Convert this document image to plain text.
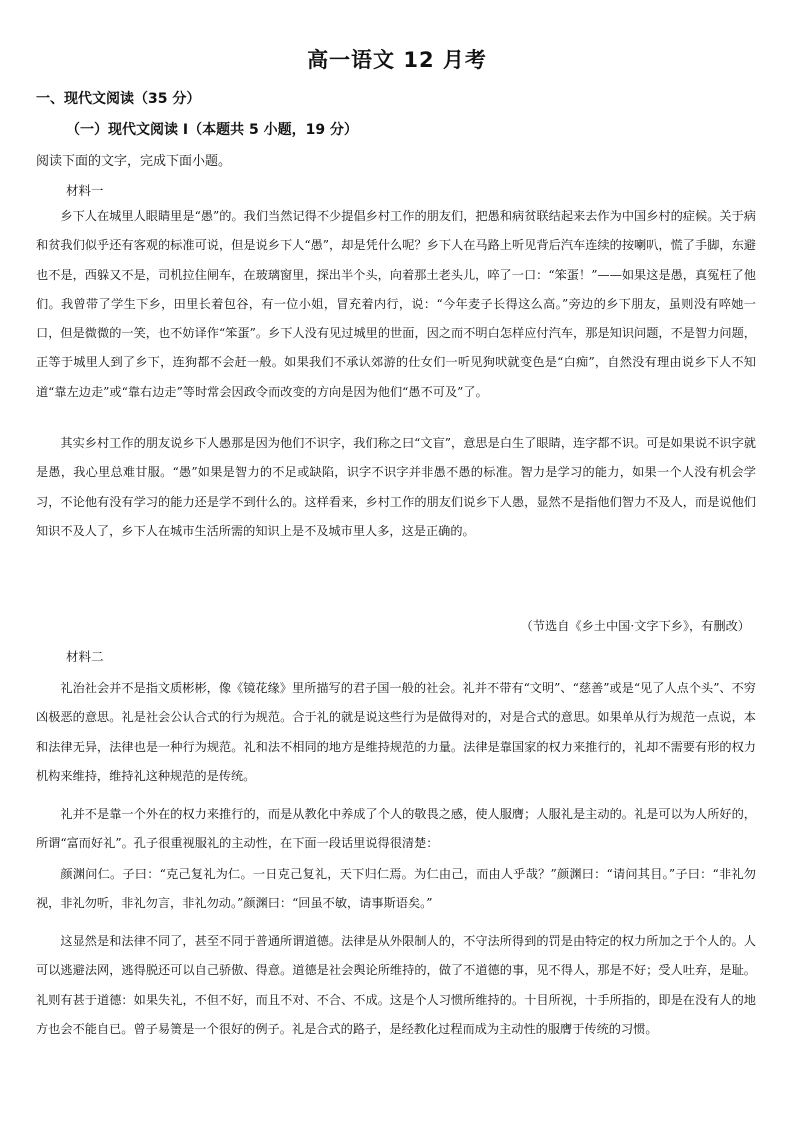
高一语文 12 月考
一、现代文阅读（35 分）
（一）现代文阅读 I（本题共 5 小题，19 分）
阅读下面的文字，完成下面小题。
材料一

乡下人在城里人眼睛里是“愚”的。我们当然记得不少提倡乡村工作的朋友们，把愚和病贫联结起来去作为中国乡村的症候。关于病和贫我们似乎还有客观的标准可说，但是说乡下人“愚”，却是凭什么呢？乡下人在马路上听见背后汽车连续的按喇叭，慌了手脚，东避也不是，西躲又不是，司机拉住闸车，在玻璃窗里，探出半个头，向着那土老头儿，啐了一口：“笨蛋！”——如果这是愚，真冤枉了他们。我曾带了学生下乡，田里长着包谷，有一位小姐，冒充着内行，说：“今年麦子长得这么高。”旁边的乡下朋友，虽则没有啐她一口，但是微微的一笑，也不妨译作“笨蛋”。乡下人没有见过城里的世面，因之而不明白怎样应付汽车，那是知识问题，不是智力问题，正等于城里人到了乡下，连狗都不会赶一般。如果我们不承认郊游的仕女们一听见狗吠就变色是“白痴”，自然没有理由说乡下人不知道“靠左边走”或“靠右边走”等时常会因政令而改变的方向是因为他们“愚不可及”了。

其实乡村工作的朋友说乡下人愚那是因为他们不识字，我们称之曰“文盲”，意思是白生了眼睛，连字都不识。可是如果说不识字就是愚，我心里总难甘服。“愚”如果是智力的不足或缺陷，识字不识字并非愚不愚的标准。智力是学习的能力，如果一个人没有机会学习，不论他有没有学习的能力还是学不到什么的。这样看来，乡村工作的朋友们说乡下人愚，显然不是指他们智力不及人，而是说他们知识不及人了，乡下人在城市生活所需的知识上是不及城市里人多，这是正确的。

（节选自《乡土中国·文字下乡》，有删改）
材料二

礼治社会并不是指文质彬彬，像《镜花缘》里所描写的君子国一般的社会。礼并不带有“文明”、“慈善”或是“见了人点个头”、不穷凶极恶的意思。礼是社会公认合式的行为规范。合于礼的就是说这些行为是做得对的，对是合式的意思。如果单从行为规范一点说，本和法律无异，法律也是一种行为规范。礼和法不相同的地方是维持规范的力量。法律是靠国家的权力来推行的，礼却不需要有形的权力机构来维持，维持礼这种规范的是传统。

礼并不是靠一个外在的权力来推行的，而是从教化中养成了个人的敬畏之感，使人服膺；人服礼是主动的。礼是可以为人所好的，所谓“富而好礼”。孔子很重视服礼的主动性，在下面一段话里说得很清楚：

颜渊问仁。子曰：“克己复礼为仁。一日克己复礼，天下归仁焉。为仁由己，而由人乎哉？”颜渊曰：“请问其目。”子曰：“非礼勿视，非礼勿听，非礼勿言，非礼勿动。”颜渊曰：“回虽不敏，请事斯语矣。”

这显然是和法律不同了，甚至不同于普通所谓道德。法律是从外限制人的，不守法所得到的罚是由特定的权力所加之于个人的。人可以逃避法网，逃得脱还可以自己骄傲、得意。道德是社会舆论所维持的，做了不道德的事，见不得人，那是不好；受人吐弃，是耻。礼则有甚于道德：如果失礼，不但不好，而且不对、不合、不成。这是个人习惯所维持的。十目所视，十手所指的，即是在没有人的地方也会不能自已。曾子易箦是一个很好的例子。礼是合式的路子，是经教化过程而成为主动性的服膺于传统的习惯。
